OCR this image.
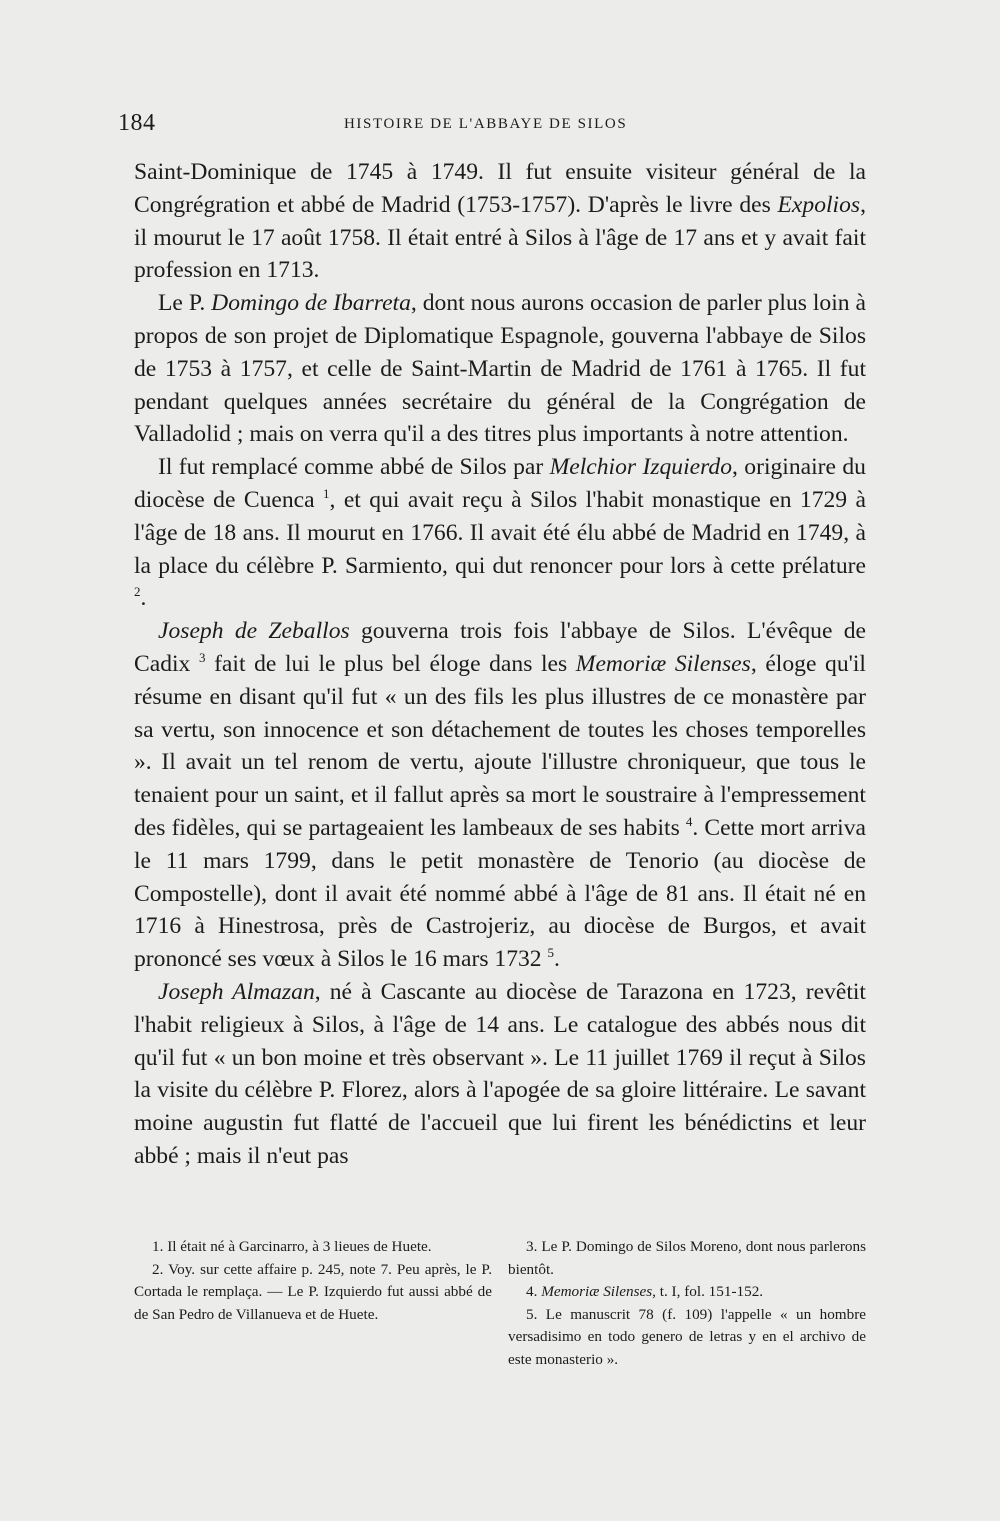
184	HISTOIRE DE L'ABBAYE DE SILOS

Saint-Dominique de 1745 à 1749. Il fut ensuite visiteur général de la Congrégration et abbé de Madrid (1753-1757). D'après le livre des Expolios, il mourut le 17 août 1758. Il était entré à Silos à l'âge de 17 ans et y avait fait profession en 1713.

Le P. Domingo de Ibarreta, dont nous aurons occasion de parler plus loin à propos de son projet de Diplomatique Espagnole, gouverna l'abbaye de Silos de 1753 à 1757, et celle de Saint-Martin de Madrid de 1761 à 1765. Il fut pendant quelques années secrétaire du général de la Congrégation de Valladolid ; mais on verra qu'il a des titres plus importants à notre attention.

Il fut remplacé comme abbé de Silos par Melchior Izquierdo, originaire du diocèse de Cuenca $^1$, et qui avait reçu à Silos l'habit monastique en 1729 à l'âge de 18 ans. Il mourut en 1766. Il avait été élu abbé de Madrid en 1749, à la place du célèbre P. Sarmiento, qui dut renoncer pour lors à cette prélature $^2$.

Joseph de Zeballos gouverna trois fois l'abbaye de Silos. L'évêque de Cadix $^3$ fait de lui le plus bel éloge dans les Memoriæ Silenses, éloge qu'il résume en disant qu'il fut « un des fils les plus illustres de ce monastère par sa vertu, son innocence et son détachement de toutes les choses temporelles ». Il avait un tel renom de vertu, ajoute l'illustre chroniqueur, que tous le tenaient pour un saint, et il fallut après sa mort le soustraire à l'empressement des fidèles, qui se partageaient les lambeaux de ses habits $^4$. Cette mort arriva le 11 mars 1799, dans le petit monastère de Tenorio (au diocèse de Compostelle), dont il avait été nommé abbé à l'âge de 81 ans. Il était né en 1716 à Hinestrosa, près de Castrojeriz, au diocèse de Burgos, et avait prononcé ses vœux à Silos le 16 mars 1732 $^5$.

Joseph Almazan, né à Cascante au diocèse de Tarazona en 1723, revêtit l'habit religieux à Silos, à l'âge de 14 ans. Le catalogue des abbés nous dit qu'il fut « un bon moine et très observant ». Le 11 juillet 1769 il reçut à Silos la visite du célèbre P. Florez, alors à l'apogée de sa gloire littéraire. Le savant moine augustin fut flatté de l'accueil que lui firent les bénédictins et leur abbé ; mais il n'eut pas

1. Il était né à Garcinarro, à 3 lieues de Huete.

2. Voy. sur cette affaire p. 245, note 7. Peu après, le P. Cortada le remplaça. — Le P. Izquierdo fut aussi abbé de de San Pedro de Villanueva et de Huete.

3. Le P. Domingo de Silos Moreno, dont nous parlerons bientôt.

4. Memoriæ Silenses, t. I, fol. 151-152.

5. Le manuscrit 78 (f. 109) l'appelle « un hombre versadisimo en todo genero de letras y en el archivo de este monasterio ».
